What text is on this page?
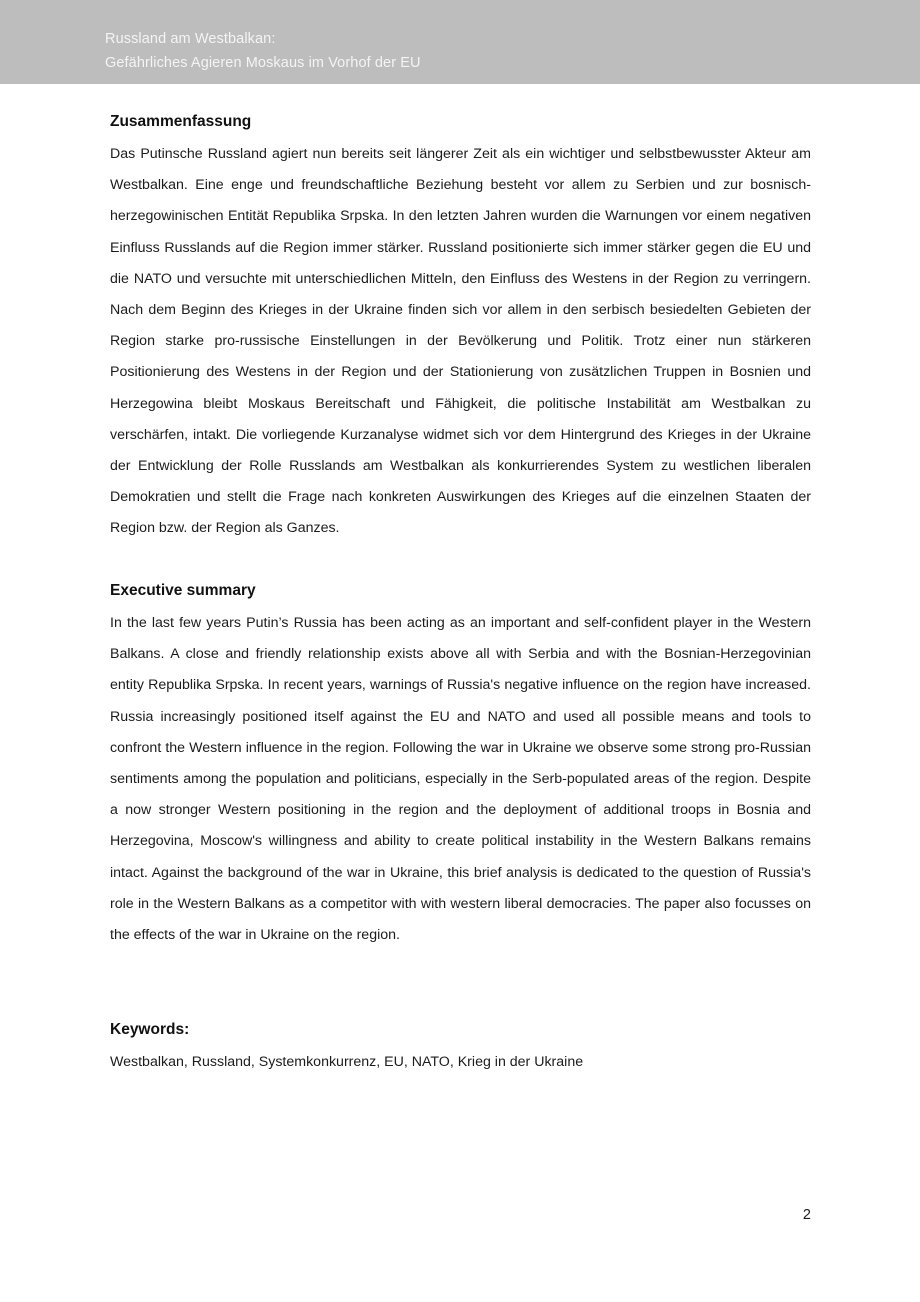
Russland am Westbalkan:
Gefährliches Agieren Moskaus im Vorhof der EU
Zusammenfassung

Das Putinsche Russland agiert nun bereits seit längerer Zeit als ein wichtiger und selbstbewusster Akteur am Westbalkan. Eine enge und freundschaftliche Beziehung besteht vor allem zu Serbien und zur bosnisch-herzegowinischen Entität Republika Srpska. In den letzten Jahren wurden die Warnungen vor einem negativen Einfluss Russlands auf die Region immer stärker. Russland positionierte sich immer stärker gegen die EU und die NATO und versuchte mit unterschiedlichen Mitteln, den Einfluss des Westens in der Region zu verringern. Nach dem Beginn des Krieges in der Ukraine finden sich vor allem in den serbisch besiedelten Gebieten der Region starke pro-russische Einstellungen in der Bevölkerung und Politik. Trotz einer nun stärkeren Positionierung des Westens in der Region und der Stationierung von zusätzlichen Truppen in Bosnien und Herzegowina bleibt Moskaus Bereitschaft und Fähigkeit, die politische Instabilität am Westbalkan zu verschärfen, intakt. Die vorliegende Kurzanalyse widmet sich vor dem Hintergrund des Krieges in der Ukraine der Entwicklung der Rolle Russlands am Westbalkan als konkurrierendes System zu westlichen liberalen Demokratien und stellt die Frage nach konkreten Auswirkungen des Krieges auf die einzelnen Staaten der Region bzw. der Region als Ganzes.

Executive summary

In the last few years Putin’s Russia has been acting as an important and self-confident player in the Western Balkans. A close and friendly relationship exists above all with Serbia and with the Bosnian-Herzegovinian entity Republika Srpska. In recent years, warnings of Russia's negative influence on the region have increased. Russia increasingly positioned itself against the EU and NATO and used all possible means and tools to confront the Western influence in the region. Following the war in Ukraine we observe some strong pro-Russian sentiments among the population and politicians, especially in the Serb-populated areas of the region. Despite a now stronger Western positioning in the region and the deployment of additional troops in Bosnia and Herzegovina, Moscow's willingness and ability to create political instability in the Western Balkans remains intact. Against the background of the war in Ukraine, this brief analysis is dedicated to the question of Russia's role in the Western Balkans as a competitor with with western liberal democracies. The paper also focusses on the effects of the war in Ukraine on the region.

Keywords:

Westbalkan, Russland, Systemkonkurrenz, EU, NATO, Krieg in der Ukraine

2
